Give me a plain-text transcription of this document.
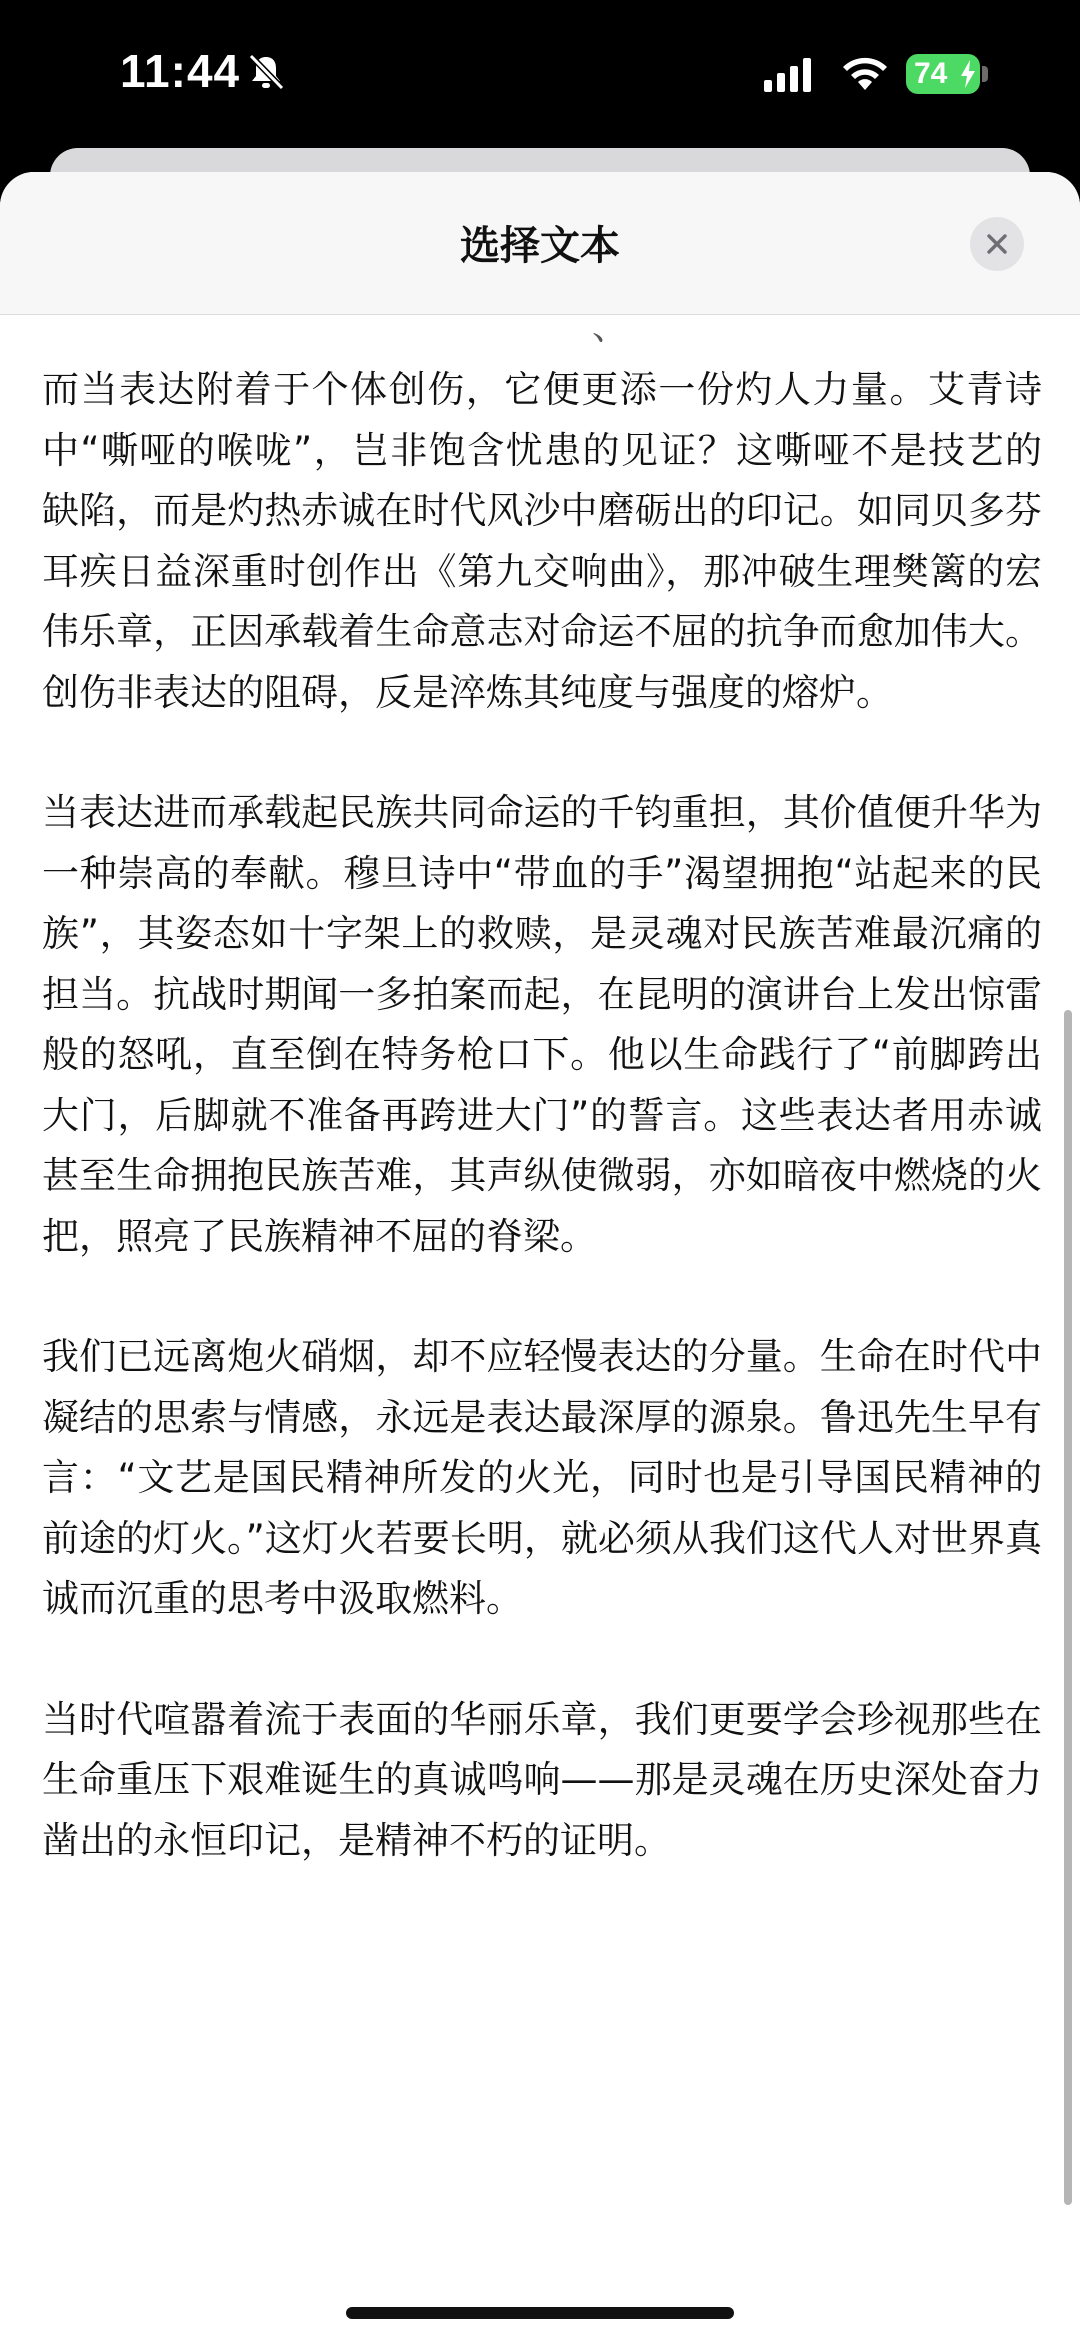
11:44	74
选择文本
、

而当表达附着于个体创伤，它便更添一份灼人力量。艾青诗中“嘶哑的喉咙”，岂非饱含忧患的见证？这嘶哑不是技艺的缺陷，而是灼热赤诚在时代风沙中磨砺出的印记。如同贝多芬耳疾日益深重时创作出《第九交响曲》，那冲破生理樊篱的宏伟乐章，正因承载着生命意志对命运不屈的抗争而愈加伟大。创伤非表达的阻碍，反是淬炼其纯度与强度的熔炉。

当表达进而承载起民族共同命运的千钧重担，其价值便升华为一种崇高的奉献。穆旦诗中“带血的手”渴望拥抱“站起来的民族”，其姿态如十字架上的救赎，是灵魂对民族苦难最沉痛的担当。抗战时期闻一多拍案而起，在昆明的演讲台上发出惊雷般的怒吼，直至倒在特务枪口下。他以生命践行了“前脚跨出大门，后脚就不准备再跨进大门”的誓言。这些表达者用赤诚甚至生命拥抱民族苦难，其声纵使微弱，亦如暗夜中燃烧的火把，照亮了民族精神不屈的脊梁。

我们已远离炮火硝烟，却不应轻慢表达的分量。生命在时代中凝结的思索与情感，永远是表达最深厚的源泉。鲁迅先生早有言：“文艺是国民精神所发的火光，同时也是引导国民精神的前途的灯火。”这灯火若要长明，就必须从我们这代人对世界真诚而沉重的思考中汲取燃料。

当时代喧嚣着流于表面的华丽乐章，我们更要学会珍视那些在生命重压下艰难诞生的真诚鸣响——那是灵魂在历史深处奋力凿出的永恒印记，是精神不朽的证明。
